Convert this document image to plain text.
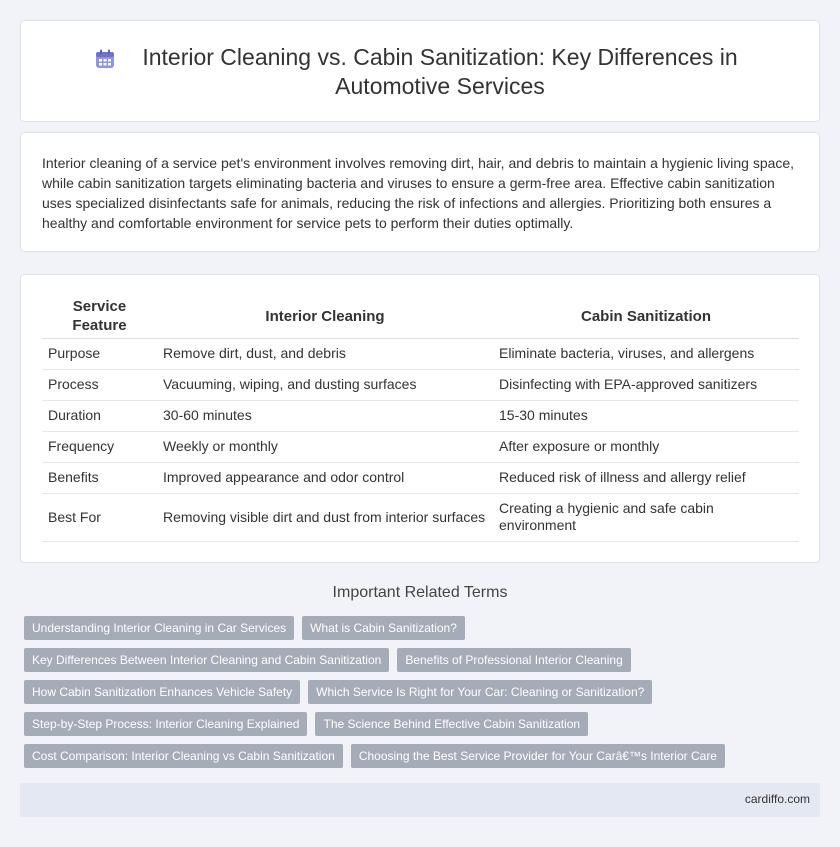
Interior Cleaning vs. Cabin Sanitization: Key Differences in Automotive Services

Interior cleaning of a service pet's environment involves removing dirt, hair, and debris to maintain a hygienic living space, while cabin sanitization targets eliminating bacteria and viruses to ensure a germ-free area. Effective cabin sanitization uses specialized disinfectants safe for animals, reducing the risk of infections and allergies. Prioritizing both ensures a healthy and comfortable environment for service pets to perform their duties optimally.

Service Feature	Interior Cleaning	Cabin Sanitization
Purpose	Remove dirt, dust, and debris	Eliminate bacteria, viruses, and allergens
Process	Vacuuming, wiping, and dusting surfaces	Disinfecting with EPA-approved sanitizers
Duration	30-60 minutes	15-30 minutes
Frequency	Weekly or monthly	After exposure or monthly
Benefits	Improved appearance and odor control	Reduced risk of illness and allergy relief
Best For	Removing visible dirt and dust from interior surfaces	Creating a hygienic and safe cabin environment
Important Related Terms
Understanding Interior Cleaning in Car Services	What is Cabin Sanitization?
Key Differences Between Interior Cleaning and Cabin Sanitization	Benefits of Professional Interior Cleaning
How Cabin Sanitization Enhances Vehicle Safety	Which Service Is Right for Your Car: Cleaning or Sanitization?
Step-by-Step Process: Interior Cleaning Explained	The Science Behind Effective Cabin Sanitization
Cost Comparison: Interior Cleaning vs Cabin Sanitization	Choosing the Best Service Provider for Your Carâ€™s Interior Care
cardiffo.com
